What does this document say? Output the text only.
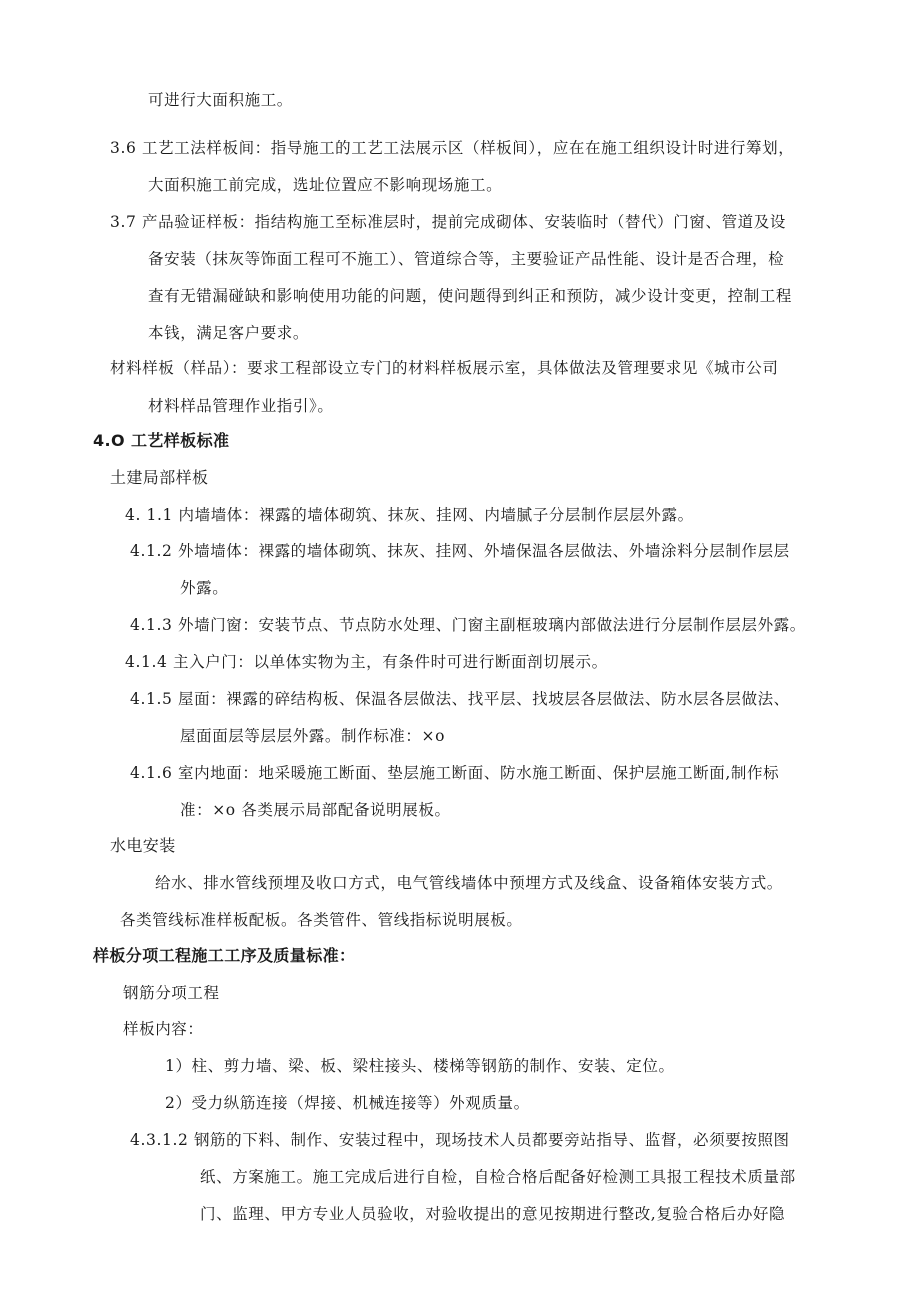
可进行大面积施工。
3.6 工艺工法样板间：指导施工的工艺工法展示区（样板间），应在在施工组织设计时进行筹划，
大面积施工前完成，选址位置应不影响现场施工。
3.7 产品验证样板：指结构施工至标准层时，提前完成砌体、安装临时（替代）门窗、管道及设
备安装（抹灰等饰面工程可不施工）、管道综合等，主要验证产品性能、设计是否合理，检
查有无错漏碰缺和影响使用功能的问题，使问题得到纠正和预防，减少设计变更，控制工程
本钱，满足客户要求。
材料样板（样品）：要求工程部设立专门的材料样板展示室，具体做法及管理要求见《城市公司
材料样品管理作业指引》。
4.O 工艺样板标准
土建局部样板
4. 1.1 内墙墙体：裸露的墙体砌筑、抹灰、挂网、内墙腻子分层制作层层外露。
4.1.2 外墙墙体：裸露的墙体砌筑、抹灰、挂网、外墙保温各层做法、外墙涂料分层制作层层
外露。
4.1.3 外墙门窗：安装节点、节点防水处理、门窗主副框玻璃内部做法进行分层制作层层外露。
4.1.4 主入户门：以单体实物为主，有条件时可进行断面剖切展示。
4.1.5 屋面：裸露的碎结构板、保温各层做法、找平层、找坡层各层做法、防水层各层做法、
屋面面层等层层外露。制作标准：×o
4.1.6 室内地面：地采暖施工断面、垫层施工断面、防水施工断面、保护层施工断面,制作标
准：×o 各类展示局部配备说明展板。
水电安装
给水、排水管线预埋及收口方式，电气管线墙体中预埋方式及线盒、设备箱体安装方式。
各类管线标准样板配板。各类管件、管线指标说明展板。
样板分项工程施工工序及质量标准：
钢筋分项工程
样板内容：
1）柱、剪力墙、梁、板、梁柱接头、楼梯等钢筋的制作、安装、定位。
2）受力纵筋连接（焊接、机械连接等）外观质量。
4.3.1.2 钢筋的下料、制作、安装过程中，现场技术人员都要旁站指导、监督，必须要按照图
纸、方案施工。施工完成后进行自检，自检合格后配备好检测工具报工程技术质量部
门、监理、甲方专业人员验收，对验收提出的意见按期进行整改,复验合格后办好隐
